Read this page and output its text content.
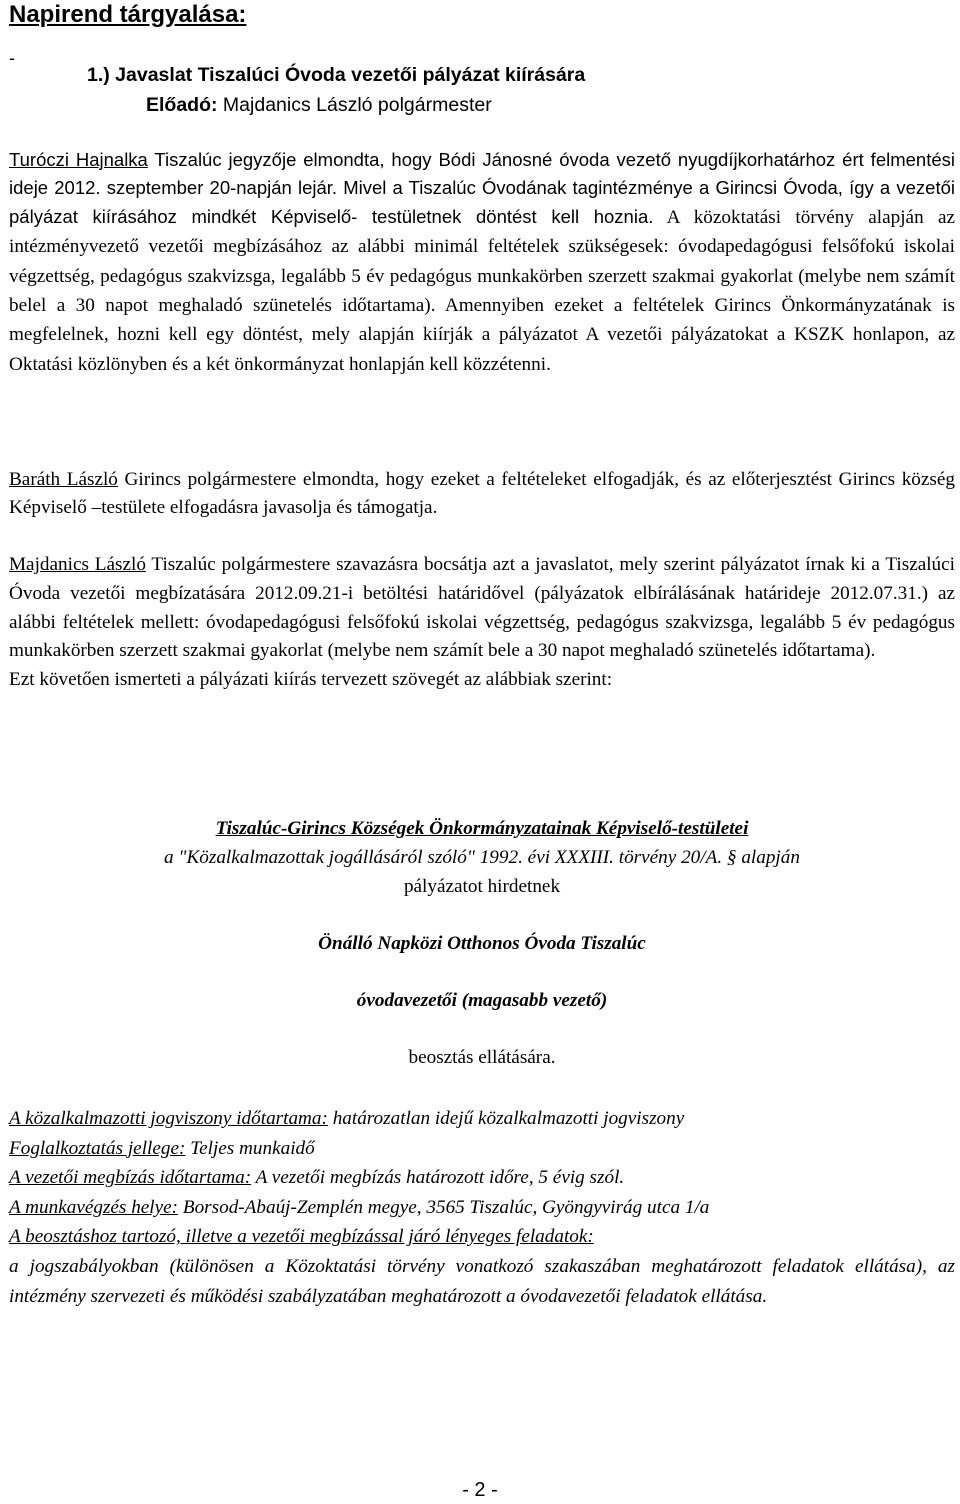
Napirend tárgyalása:
-
1.) Javaslat Tiszalúci Óvoda vezetői pályázat kiírására
Előadó: Majdanics László polgármester

Turóczi Hajnalka Tiszalúc jegyzője elmondta, hogy Bódi Jánosné óvoda vezető nyugdíjkorhatárhoz ért felmentési ideje 2012. szeptember 20-napján lejár. Mivel a Tiszalúc Óvodának tagintézménye a Girincsi Óvoda, így a vezetői pályázat kiírásához mindkét Képviselő- testületnek döntést kell hoznia. A közoktatási törvény alapján az intézményvezető vezetői megbízásához az alábbi minimál feltételek szükségesek: óvodapedagógusi felsőfokú iskolai végzettség, pedagógus szakvizsga, legalább 5 év pedagógus munkakörben szerzett szakmai gyakorlat (melybe nem számít belel a 30 napot meghaladó szünetelés időtartama). Amennyiben ezeket a feltételek Girincs Önkormányzatának is megfelelnek, hozni kell egy döntést, mely alapján kiírják a pályázatot A vezetői pályázatokat a KSZK honlapon, az Oktatási közlönyben és a két önkormányzat honlapján kell közzétenni.

Baráth László Girincs polgármestere elmondta, hogy ezeket a feltételeket elfogadják, és az előterjesztést Girincs község Képviselő –testülete elfogadásra javasolja és támogatja.

Majdanics László Tiszalúc polgármestere szavazásra bocsátja azt a javaslatot, mely szerint pályázatot írnak ki a Tiszalúci Óvoda vezetői megbízatására 2012.09.21-i betöltési határidővel (pályázatok elbírálásának határideje 2012.07.31.) az alábbi feltételek mellett: óvodapedagógusi felsőfokú iskolai végzettség, pedagógus szakvizsga, legalább 5 év pedagógus munkakörben szerzett szakmai gyakorlat (melybe nem számít bele a 30 napot meghaladó szünetelés időtartama).

Ezt követően ismerteti a pályázati kiírás tervezett szövegét az alábbiak szerint:

Tiszalúc-Girincs Községek Önkormányzatainak Képviselő-testületei
a "Közalkalmazottak jogállásáról szóló" 1992. évi XXXIII. törvény 20/A. § alapján
pályázatot hirdetnek
Önálló Napközi Otthonos Óvoda Tiszalúc
óvodavezetői (magasabb vezető)
beosztás ellátására.
A közalkalmazotti jogviszony időtartama: határozatlan idejű közalkalmazotti jogviszony
Foglalkoztatás jellege: Teljes munkaidő
A vezetői megbízás időtartama: A vezetői megbízás határozott időre, 5 évig szól.
A munkavégzés helye: Borsod-Abaúj-Zemplén megye, 3565 Tiszalúc, Gyöngyvirág utca 1/a
A beosztáshoz tartozó, illetve a vezetői megbízással járó lényeges feladatok:
a jogszabályokban (különösen a Közoktatási törvény vonatkozó szakaszában meghatározott feladatok ellátása), az intézmény szervezeti és működési szabályzatában meghatározott a óvodavezetői feladatok ellátása.
- 2 -
